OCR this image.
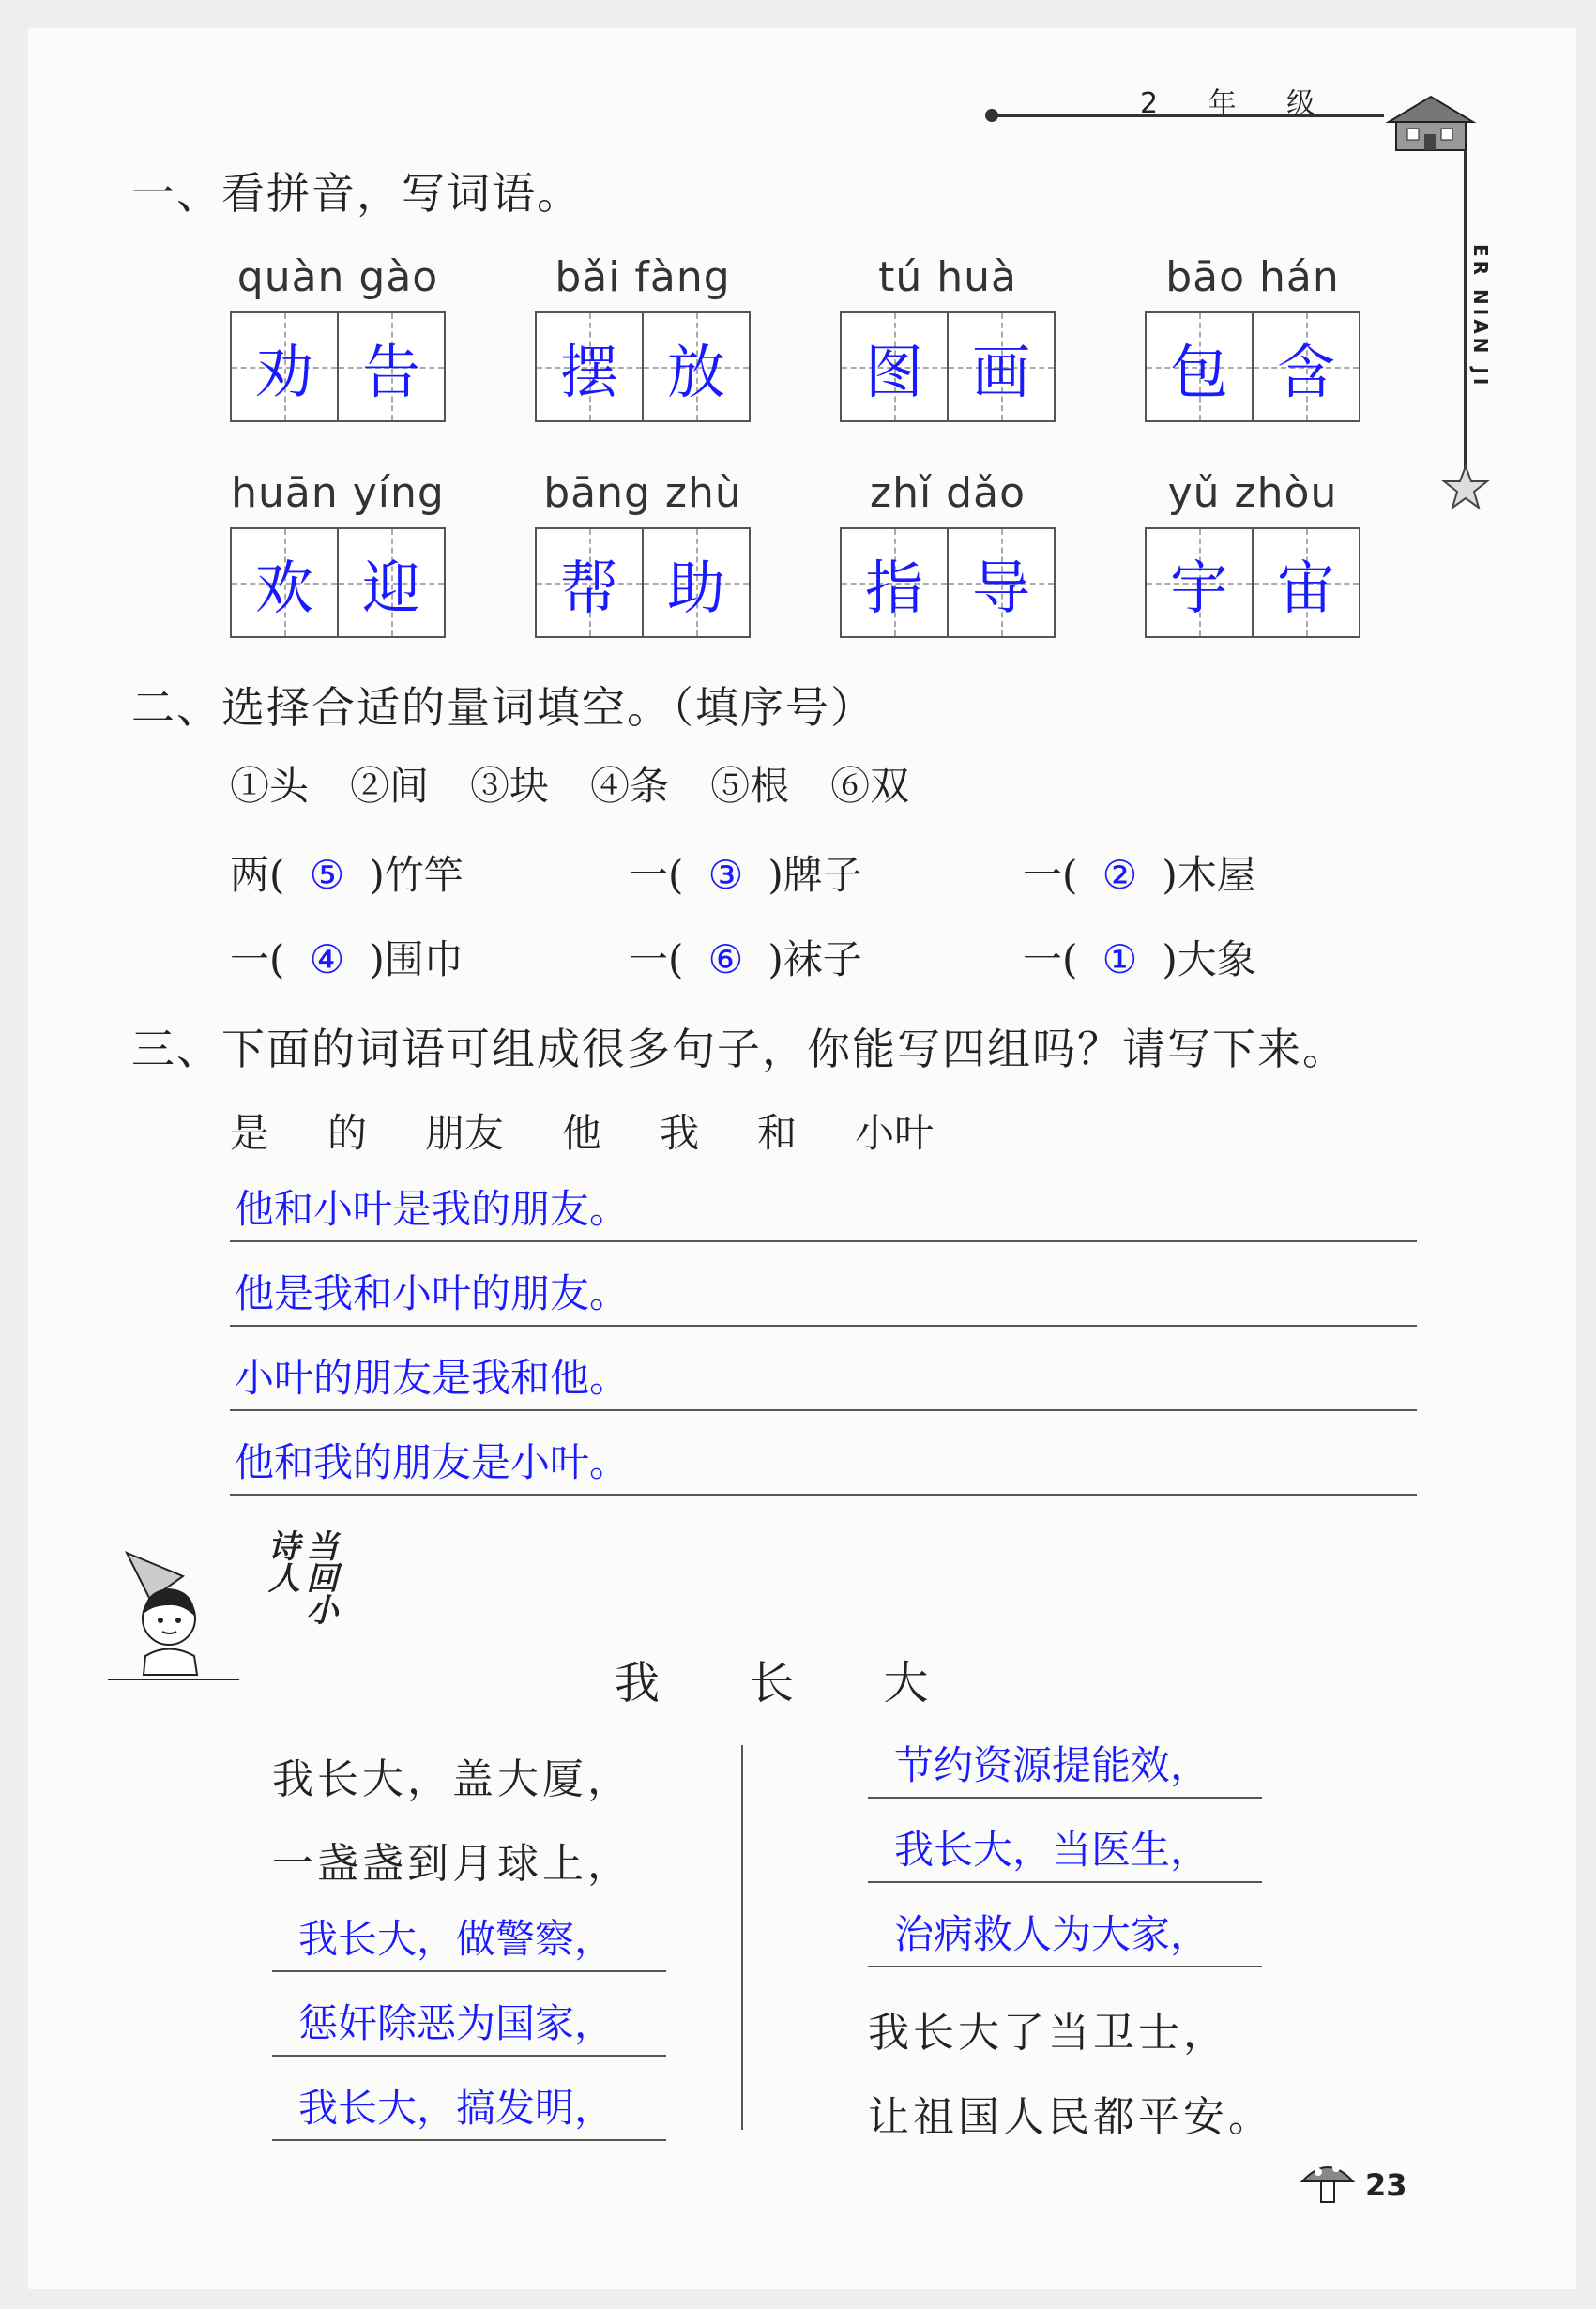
2 年 级
ER NIAN JI
一、看拼音，写词语。
quàn gào
劝 告
bǎi fàng
摆 放
tú huà
图 画
bāo hán
包 含
huān yíng
欢 迎
bāng zhù
帮 助
zhǐ dǎo
指 导
yǔ zhòu
宇 宙
二、选择合适的量词填空。（填序号）
①头 ②间 ③块 ④条 ⑤根 ⑥双
两( ⑤ )竹竿	一( ③ )牌子	一( ② )木屋
一( ④ )围巾	一( ⑥ )袜子	一( ① )大象
三、下面的词语可组成很多句子，你能写四组吗？请写下来。
是 的 朋友 他 我 和 小叶
他和小叶是我的朋友。
他是我和小叶的朋友。
小叶的朋友是我和他。
他和我的朋友是小叶。
当回小诗人
我 长 大
我长大，盖大厦，
一盏盏到月球上，
我长大，做警察，
惩奸除恶为国家，
我长大，搞发明，
节约资源提能效，
我长大，当医生，
治病救人为大家，
我长大了当卫士，
让祖国人民都平安。
23
